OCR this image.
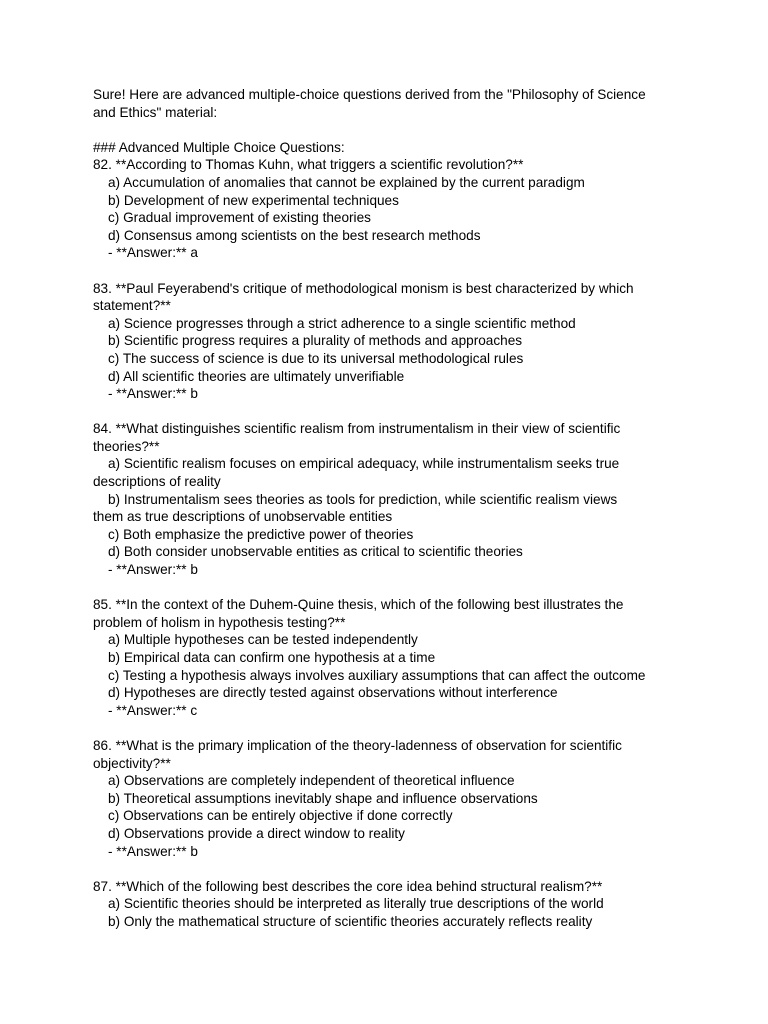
Sure! Here are advanced multiple-choice questions derived from the "Philosophy of Science
and Ethics" material:
### Advanced Multiple Choice Questions:
82. **According to Thomas Kuhn, what triggers a scientific revolution?**
a) Accumulation of anomalies that cannot be explained by the current paradigm
b) Development of new experimental techniques
c) Gradual improvement of existing theories
d) Consensus among scientists on the best research methods
- **Answer:** a
83. **Paul Feyerabend's critique of methodological monism is best characterized by which
statement?**
a) Science progresses through a strict adherence to a single scientific method
b) Scientific progress requires a plurality of methods and approaches
c) The success of science is due to its universal methodological rules
d) All scientific theories are ultimately unverifiable
- **Answer:** b
84. **What distinguishes scientific realism from instrumentalism in their view of scientific
theories?**
a) Scientific realism focuses on empirical adequacy, while instrumentalism seeks true
descriptions of reality
b) Instrumentalism sees theories as tools for prediction, while scientific realism views
them as true descriptions of unobservable entities
c) Both emphasize the predictive power of theories
d) Both consider unobservable entities as critical to scientific theories
- **Answer:** b
85. **In the context of the Duhem-Quine thesis, which of the following best illustrates the
problem of holism in hypothesis testing?**
a) Multiple hypotheses can be tested independently
b) Empirical data can confirm one hypothesis at a time
c) Testing a hypothesis always involves auxiliary assumptions that can affect the outcome
d) Hypotheses are directly tested against observations without interference
- **Answer:** c
86. **What is the primary implication of the theory-ladenness of observation for scientific
objectivity?**
a) Observations are completely independent of theoretical influence
b) Theoretical assumptions inevitably shape and influence observations
c) Observations can be entirely objective if done correctly
d) Observations provide a direct window to reality
- **Answer:** b
87. **Which of the following best describes the core idea behind structural realism?**
a) Scientific theories should be interpreted as literally true descriptions of the world
b) Only the mathematical structure of scientific theories accurately reflects reality
